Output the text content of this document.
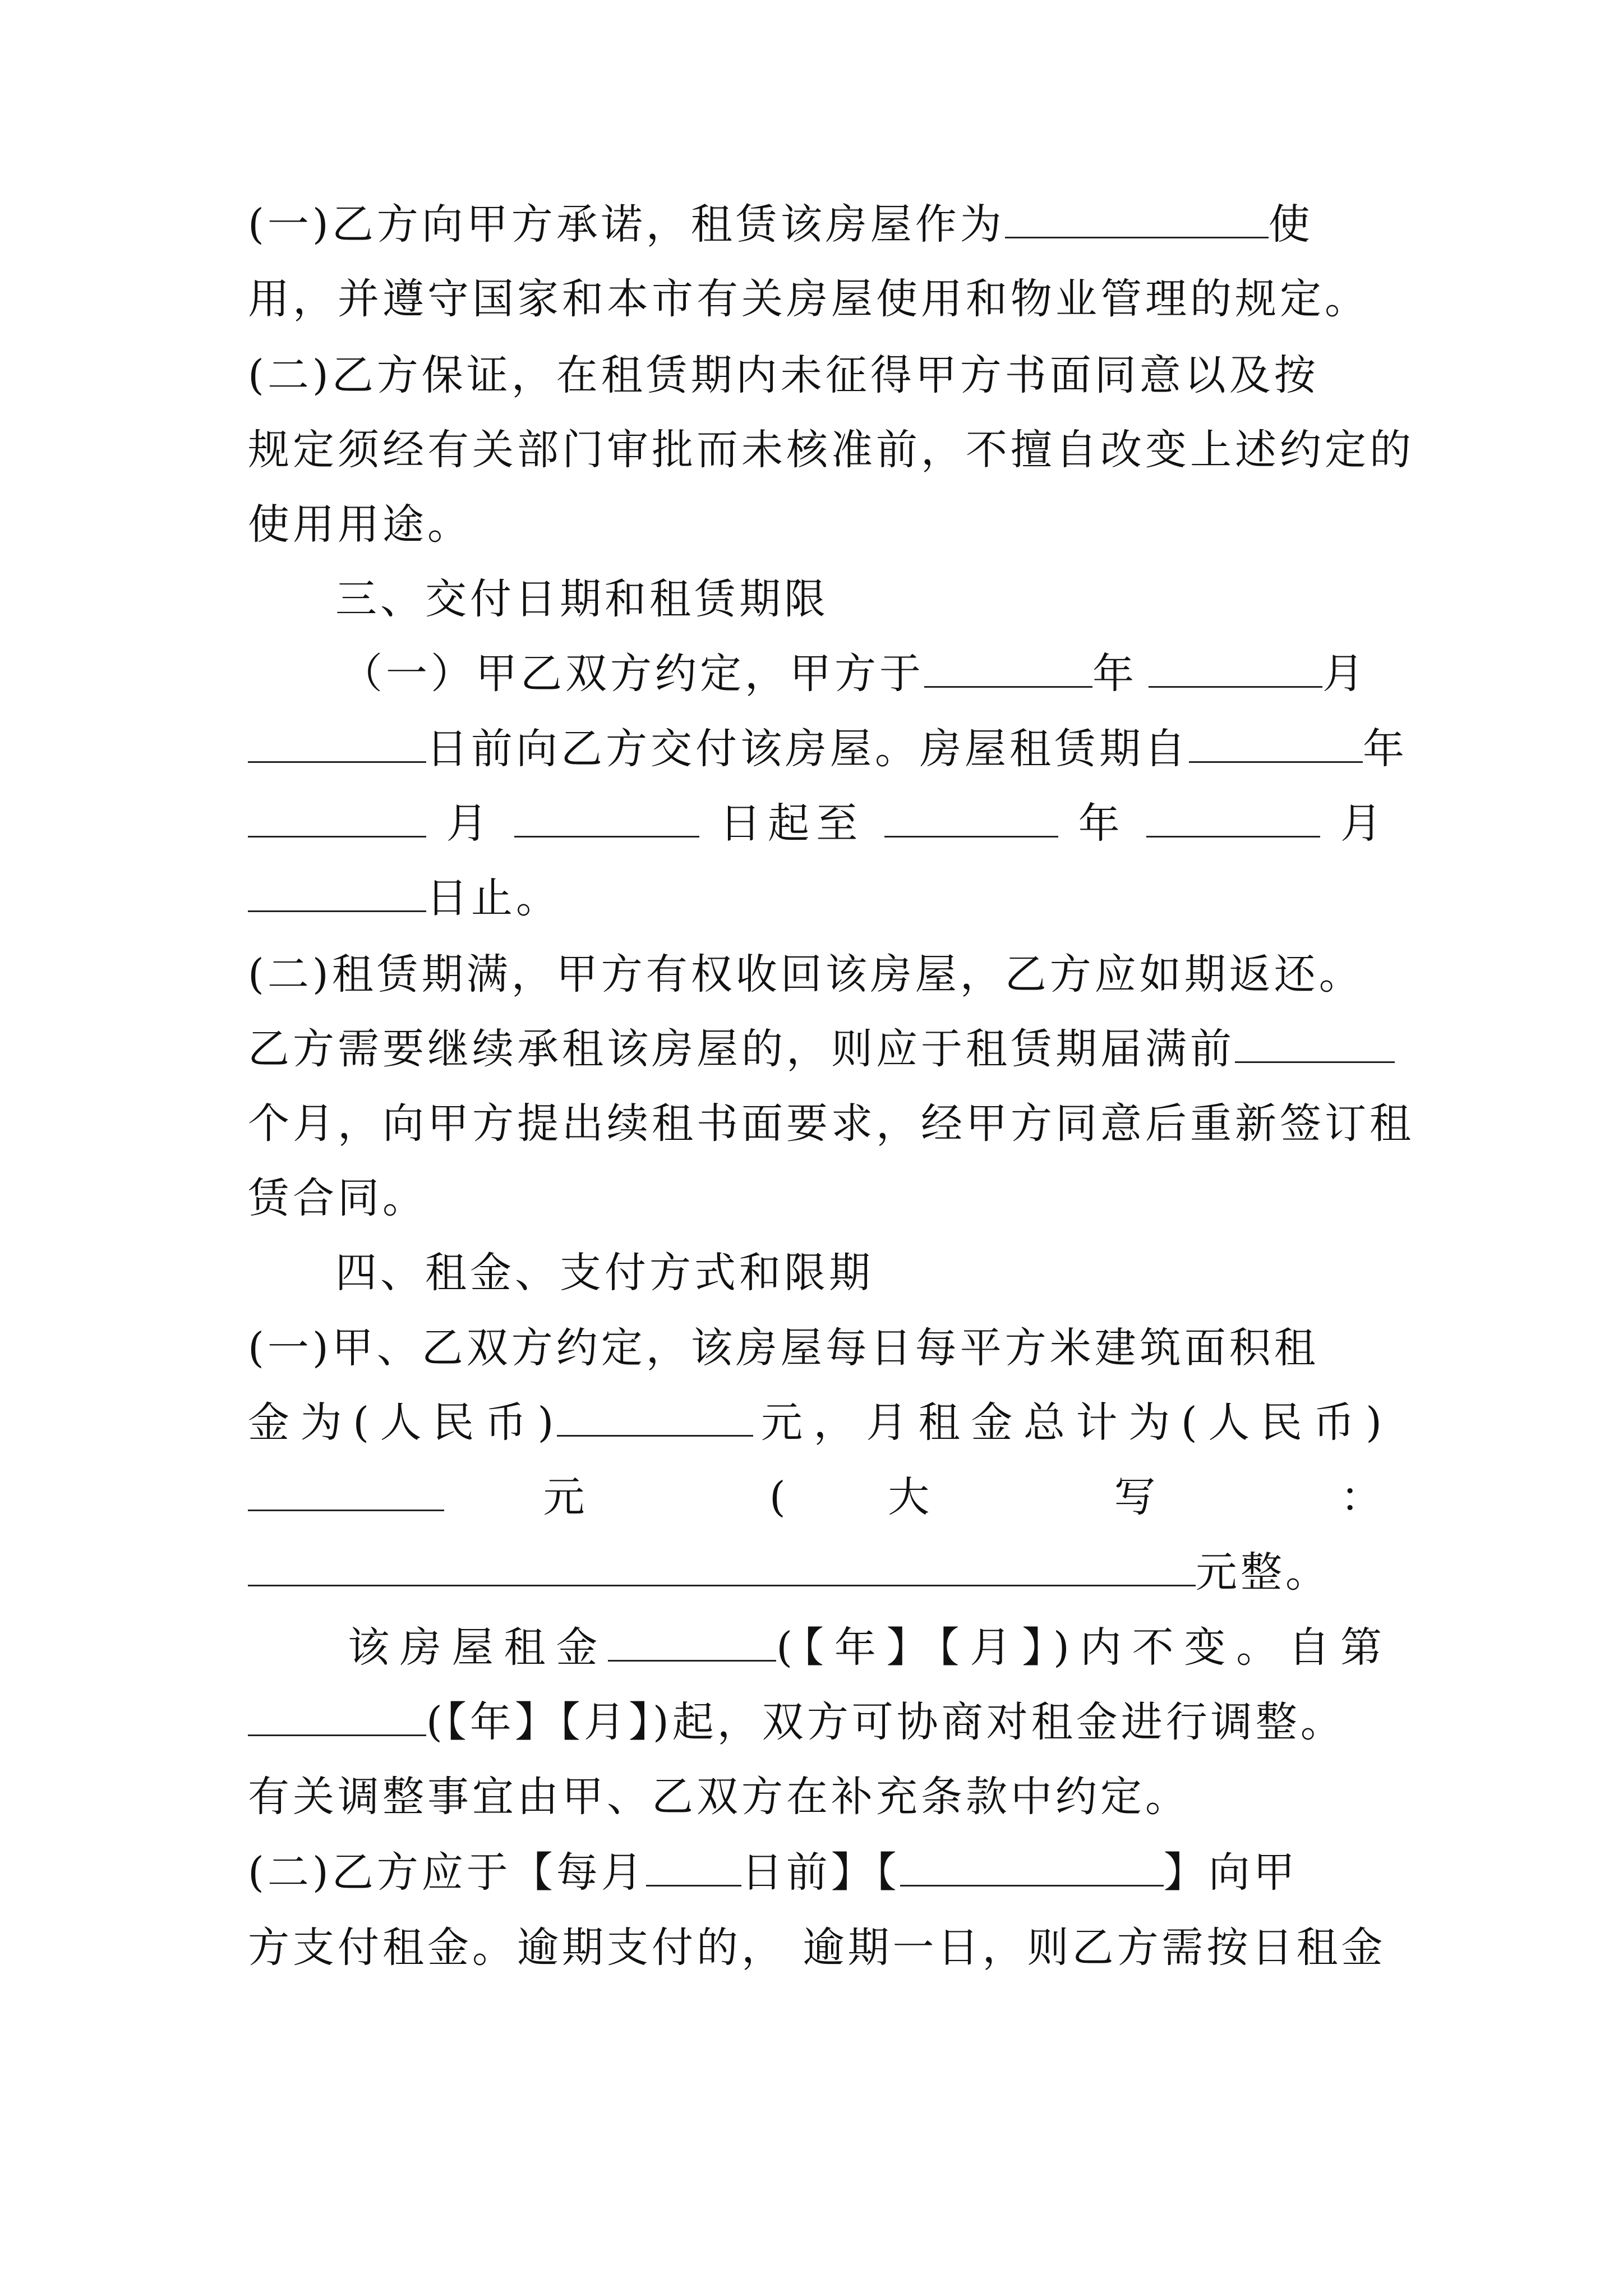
(一)乙方向甲方承诺，租赁该房屋作为	使
用，并遵守国家和本市有关房屋使用和物业管理的规定。
(二)乙方保证，在租赁期内未征得甲方书面同意以及按
规定须经有关部门审批而未核准前，不擅自改变上述约定的
使用用途。
三、交付日期和租赁期限
（一）甲乙双方约定，甲方于	年	月
日前向乙方交付该房屋。房屋租赁期自	年
月	日起至	年	月
日止。
(二)租赁期满，甲方有权收回该房屋，乙方应如期返还。
乙方需要继续承租该房屋的，则应于租赁期届满前
个月，向甲方提出续租书面要求，经甲方同意后重新签订租
赁合同。
四、租金、支付方式和限期
(一)甲、乙双方约定，该房屋每日每平方米建筑面积租
金为(人民币)	元，月租金总计为(人民币)
元 ( 大 写 ：
元整。
该房屋租金	(【年】【月】)内不变。自第
(【年】【月】)起，双方可协商对租金进行调整。
有关调整事宜由甲、乙双方在补充条款中约定。
(二)乙方应于【每月 日前】【	】向甲
方支付租金。逾期支付的， 逾期一日，则乙方需按日租金
